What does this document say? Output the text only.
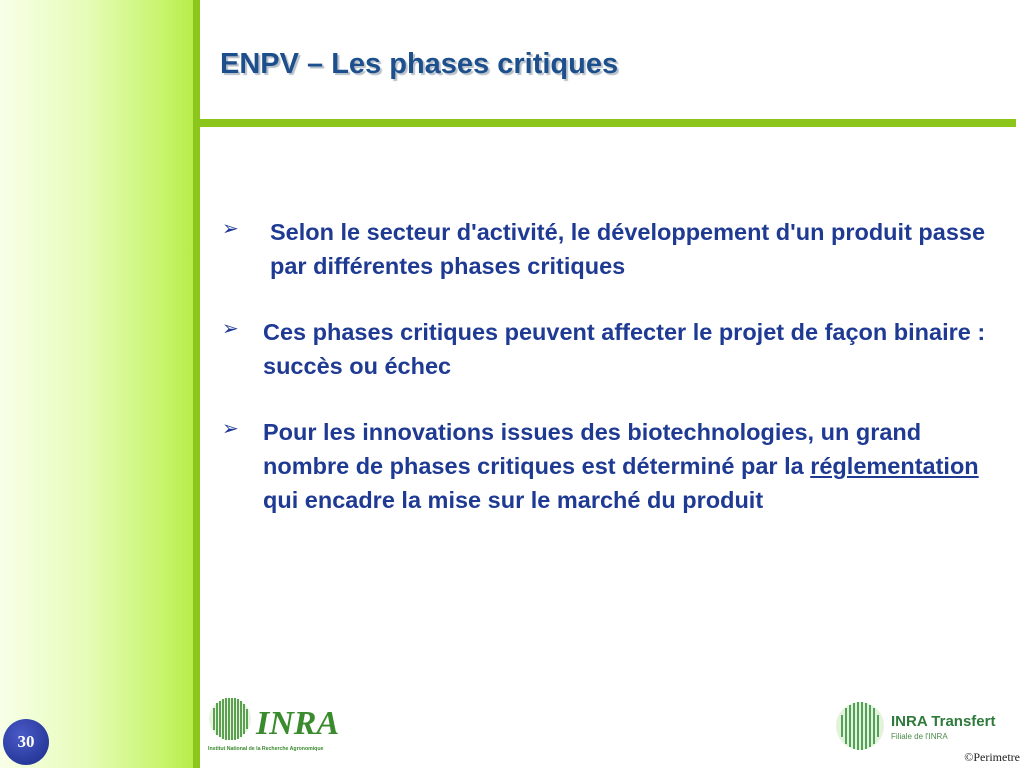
ENPV – Les phases critiques
➢ Selon le secteur d'activité, le développement d'un produit passe par différentes phases critiques
➢ Ces phases critiques peuvent affecter le projet de façon binaire : succès ou échec
➢ Pour les innovations issues des biotechnologies, un grand nombre de phases critiques est déterminé par la réglementation qui encadre la mise sur le marché du produit
30	INRA
Institut National de la Recherche Agronomique
INRA Transfert
Filiale de l'INRA
©Perimetre
